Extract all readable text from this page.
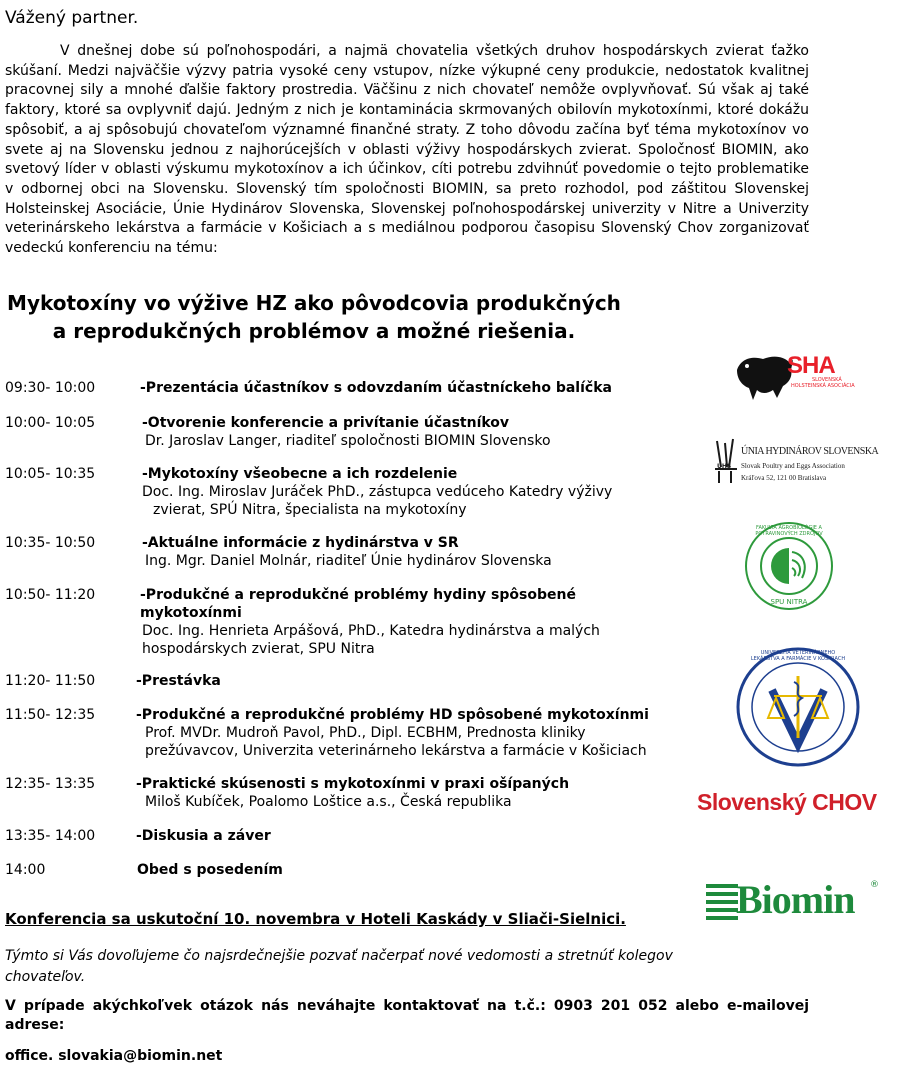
Vážený partner.

V dnešnej dobe sú poľnohospodári, a najmä chovatelia všetkých druhov hospodárskych zvierat ťažko skúšaní. Medzi najväčšie výzvy patria vysoké ceny vstupov, nízke výkupné ceny produkcie, nedostatok kvalitnej pracovnej sily a mnohé ďalšie faktory prostredia. Väčšinu z nich chovateľ nemôže ovplyvňovať. Sú však aj také faktory, ktoré sa ovplyvniť dajú. Jedným z nich je kontaminácia skrmovaných obilovín mykotoxínmi, ktoré dokážu spôsobiť, a aj spôsobujú chovateľom významné finančné straty. Z toho dôvodu začína byť téma mykotoxínov vo svete aj na Slovensku jednou z najhorúcejších v oblasti výživy hospodárskych zvierat. Spoločnosť BIOMIN, ako svetový líder v oblasti výskumu mykotoxínov a ich účinkov, cíti potrebu zdvihnúť povedomie o tejto problematike v odbornej obci na Slovensku. Slovenský tím spoločnosti BIOMIN, sa preto rozhodol, pod záštitou Slovenskej Holsteinskej Asociácie, Únie Hydinárov Slovenska, Slovenskej poľnohospodárskej univerzity v Nitre a Univerzity veterinárskeho lekárstva a farmácie v Košiciach a s mediálnou podporou časopisu Slovenský Chov zorganizovať vedeckú konferenciu na tému:

Mykotoxíny vo výžive HZ ako pôvodcovia produkčných
a reprodukčných problémov a možné riešenia.
09:30- 10:00	-Prezentácia účastníkov s odovzdaním účastníckeho balíčka
10:00- 10:05	-Otvorenie konferencie a privítanie účastníkov
Dr. Jaroslav Langer, riaditeľ spoločnosti BIOMIN Slovensko
10:05- 10:35	-Mykotoxíny všeobecne a ich rozdelenie
Doc. Ing. Miroslav Juráček PhD., zástupca vedúceho Katedry výživy
zvierat, SPÚ Nitra, špecialista na mykotoxíny
10:35- 10:50	-Aktuálne informácie z hydinárstva v SR
Ing. Mgr. Daniel Molnár, riaditeľ Únie hydinárov Slovenska
10:50- 11:20	-Produkčné a reprodukčné problémy hydiny spôsobené
mykotoxínmi
Doc. Ing. Henrieta Arpášová, PhD., Katedra hydinárstva a malých
hospodárskych zvierat, SPU Nitra
11:20- 11:50	-Prestávka
11:50- 12:35	-Produkčné a reprodukčné problémy HD spôsobené mykotoxínmi
Prof. MVDr. Mudroň Pavol, PhD., Dipl. ECBHM, Prednosta kliniky
prežúvavcov, Univerzita veterinárneho lekárstva a farmácie v Košiciach
12:35- 13:35	-Praktické skúsenosti s mykotoxínmi v praxi ošípaných
Miloš Kubíček, Poalomo Loštice a.s., Česká republika
13:35- 14:00	-Diskusia a záver
14:00	Obed s posedením
SHA
SLOVENSKÁ
HOLSTEINSKÁ ASOCIÁCIA
UHS
ÚNIA HYDINÁROV SLOVENSKA
Slovak Poultry and Eggs Association
Kráľova 52, 121 00 Bratislava
FAKULTA AGROBIOLÓGIE A POTRAVINOVÝCH ZDROJOV
SPU NITRA
UNIVERZITA VETERINÁRNEHO LEKÁRSTVA A FARMÁCIE V KOŠICIACH
Slovenský CHOV
Biomin ®
Konferencia sa uskutoční 10. novembra v Hoteli Kaskády v Sliači-Sielnici.
Týmto si Vás dovoľujeme čo najsrdečnejšie pozvať načerpať nové vedomosti a stretnúť kolegov chovateľov.
V prípade akýchkoľvek otázok nás neváhajte kontaktovať na t.č.: 0903 201 052 alebo e-mailovej adrese:
office. slovakia@biomin.net
